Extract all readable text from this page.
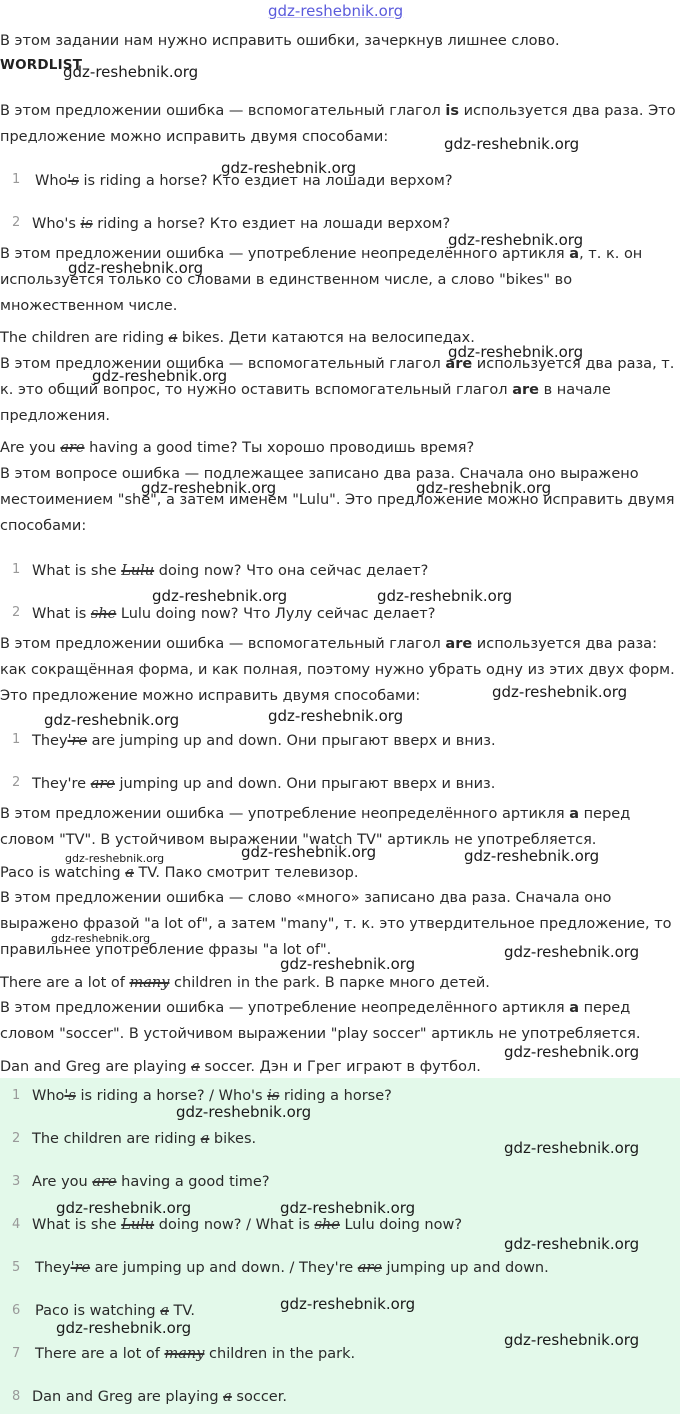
gdz-reshebnik.org
В этом задании нам нужно исправить ошибки, зачеркнув лишнее слово.
WORDLIST
В этом предложении ошибка — вспомогательный глагол is используется два раза. Это предложение можно исправить двумя способами:
1 Who's is riding a horse? Кто ездиет на лошади верхом?
2 Who's is riding a horse? Кто ездиет на лошади верхом?
В этом предложении ошибка — употребление неопределённого артикля a, т. к. он используется только со словами в единственном числе, а слово "bikes" во множественном числе.
The children are riding a bikes. Дети катаются на велосипедах.
В этом предложении ошибка — вспомогательный глагол are используется два раза, т. к. это общий вопрос, то нужно оставить вспомогательный глагол are в начале предложения.
Are you are having a good time? Ты хорошо проводишь время?
В этом вопросе ошибка — подлежащее записано два раза. Сначала оно выражено местоимением "she", а затем именем "Lulu". Это предложение можно исправить двумя способами:
1 What is she Lulu doing now? Что она сейчас делает?
2 What is she Lulu doing now? Что Лулу сейчас делает?
В этом предложении ошибка — вспомогательный глагол are используется два раза: как сокращённая форма, и как полная, поэтому нужно убрать одну из этих двух форм. Это предложение можно исправить двумя способами:
1 They're are jumping up and down. Они прыгают вверх и вниз.
2 They're are jumping up and down. Они прыгают вверх и вниз.
В этом предложении ошибка — употребление неопределённого артикля a перед словом "TV". В устойчивом выражении "watch TV" артикль не употребляется.
Paco is watching a TV. Пако смотрит телевизор.
В этом предложении ошибка — слово «много» записано два раза. Сначала оно выражено фразой "a lot of", а затем "many", т. к. это утвердительное предложение, то правильнее употребление фразы "a lot of".
There are a lot of many children in the park. В парке много детей.
В этом предложении ошибка — употребление неопределённого артикля a перед словом "soccer". В устойчивом выражении "play soccer" артикль не употребляется.
Dan and Greg are playing a soccer. Дэн и Грег играют в футбол.
1 Who's is riding a horse? / Who's is riding a horse?
2 The children are riding a bikes.
3 Are you are having a good time?
4 What is she Lulu doing now? / What is she Lulu doing now?
5 They're are jumping up and down. / They're are jumping up and down.
6 Paco is watching a TV.
7 There are a lot of many children in the park.
8 Dan and Greg are playing a soccer.
gdz-reshebnik.org
gdz-reshebnik.org
gdz-reshebnik.org
gdz-reshebnik.org
gdz-reshebnik.org
gdz-reshebnik.org
gdz-reshebnik.org
gdz-reshebnik.org	gdz-reshebnik.org
gdz-reshebnik.org	gdz-reshebnik.org
gdz-reshebnik.org
gdz-reshebnik.org	gdz-reshebnik.org
gdz-reshebnik.org	gdz-reshebnik.org	gdz-reshebnik.org
gdz-reshebnik.org
gdz-reshebnik.org
gdz-reshebnik.org
gdz-reshebnik.org
gdz-reshebnik.org
gdz-reshebnik.org
gdz-reshebnik.org	gdz-reshebnik.org
gdz-reshebnik.org
gdz-reshebnik.org
gdz-reshebnik.org
gdz-reshebnik.org
